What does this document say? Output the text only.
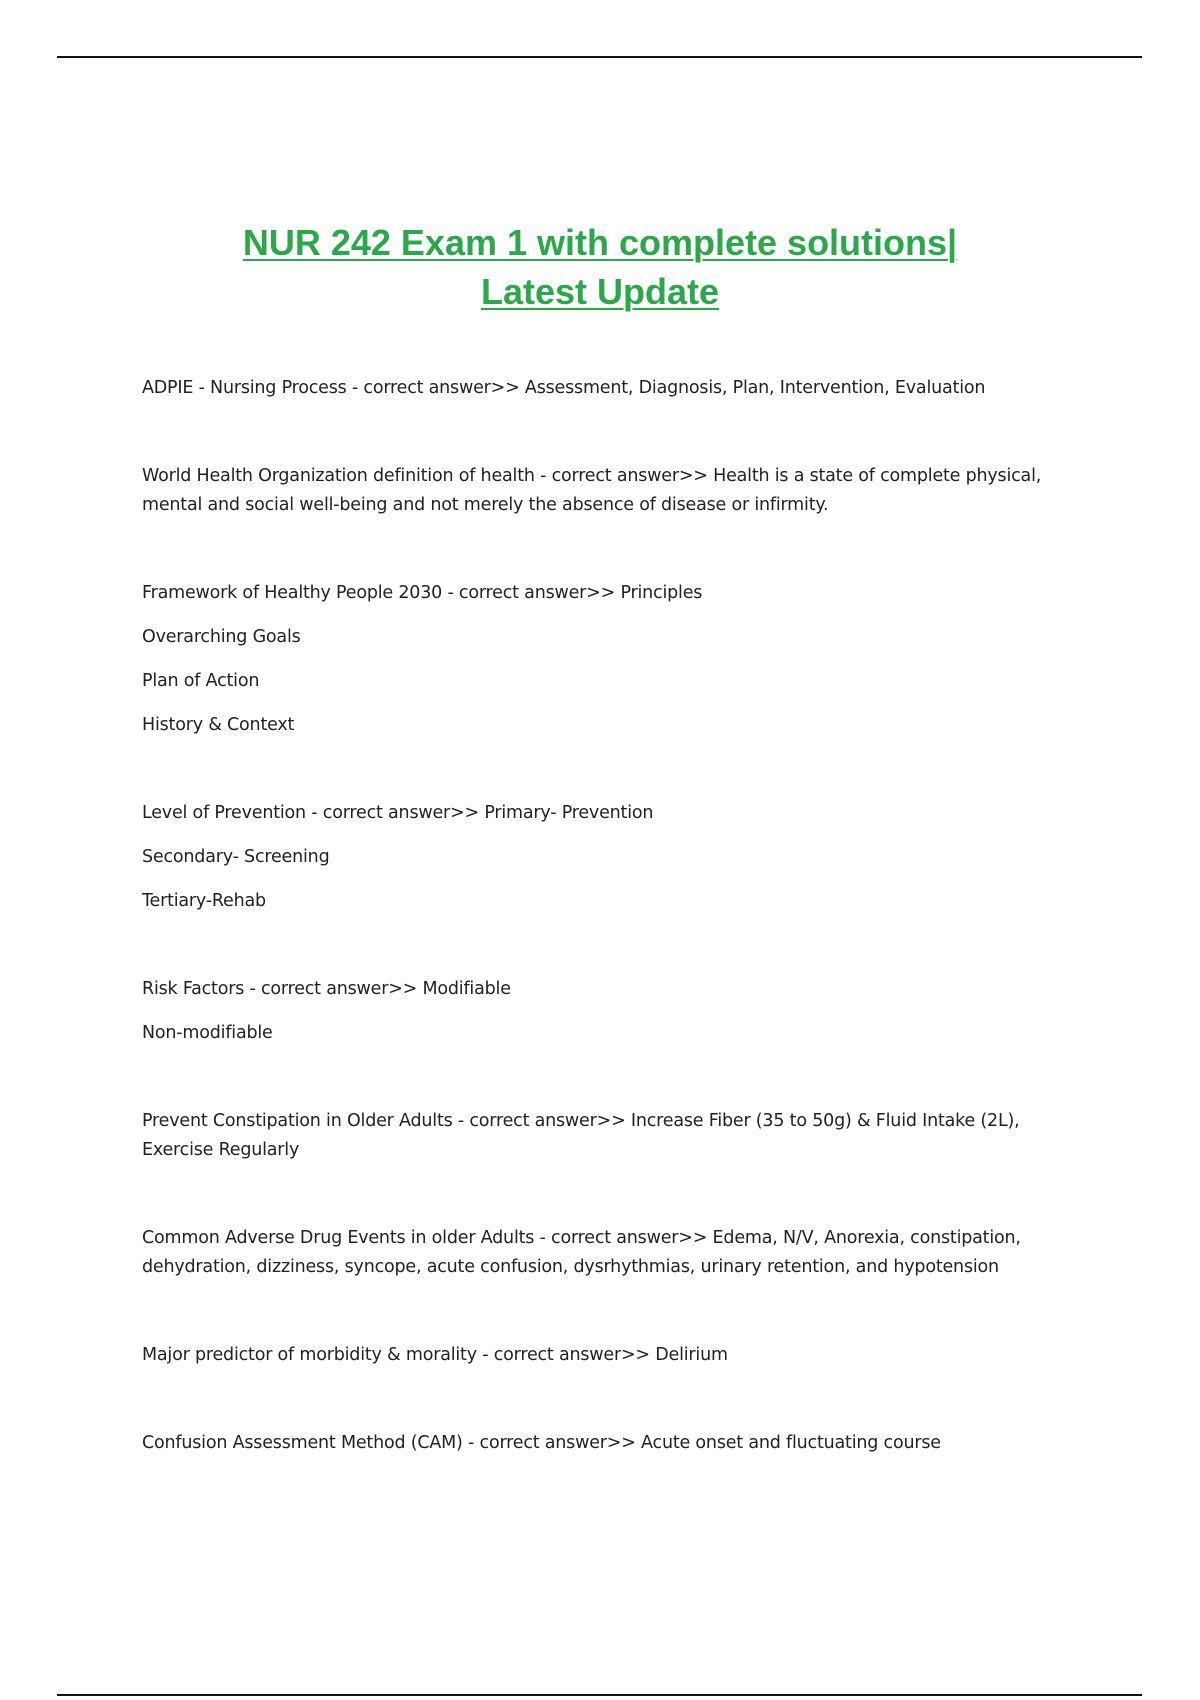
NUR 242 Exam 1 with complete solutions|
Latest Update
ADPIE - Nursing Process - correct answer>> Assessment, Diagnosis, Plan, Intervention, Evaluation
World Health Organization definition of health - correct answer>> Health is a state of complete physical,
mental and social well-being and not merely the absence of disease or infirmity.
Framework of Healthy People 2030 - correct answer>> Principles
Overarching Goals
Plan of Action
History & Context
Level of Prevention - correct answer>> Primary- Prevention
Secondary- Screening
Tertiary-Rehab
Risk Factors - correct answer>> Modifiable
Non-modifiable
Prevent Constipation in Older Adults - correct answer>> Increase Fiber (35 to 50g) & Fluid Intake (2L),
Exercise Regularly
Common Adverse Drug Events in older Adults - correct answer>> Edema, N/V, Anorexia, constipation,
dehydration, dizziness, syncope, acute confusion, dysrhythmias, urinary retention, and hypotension
Major predictor of morbidity & morality - correct answer>> Delirium
Confusion Assessment Method (CAM) - correct answer>> Acute onset and fluctuating course
